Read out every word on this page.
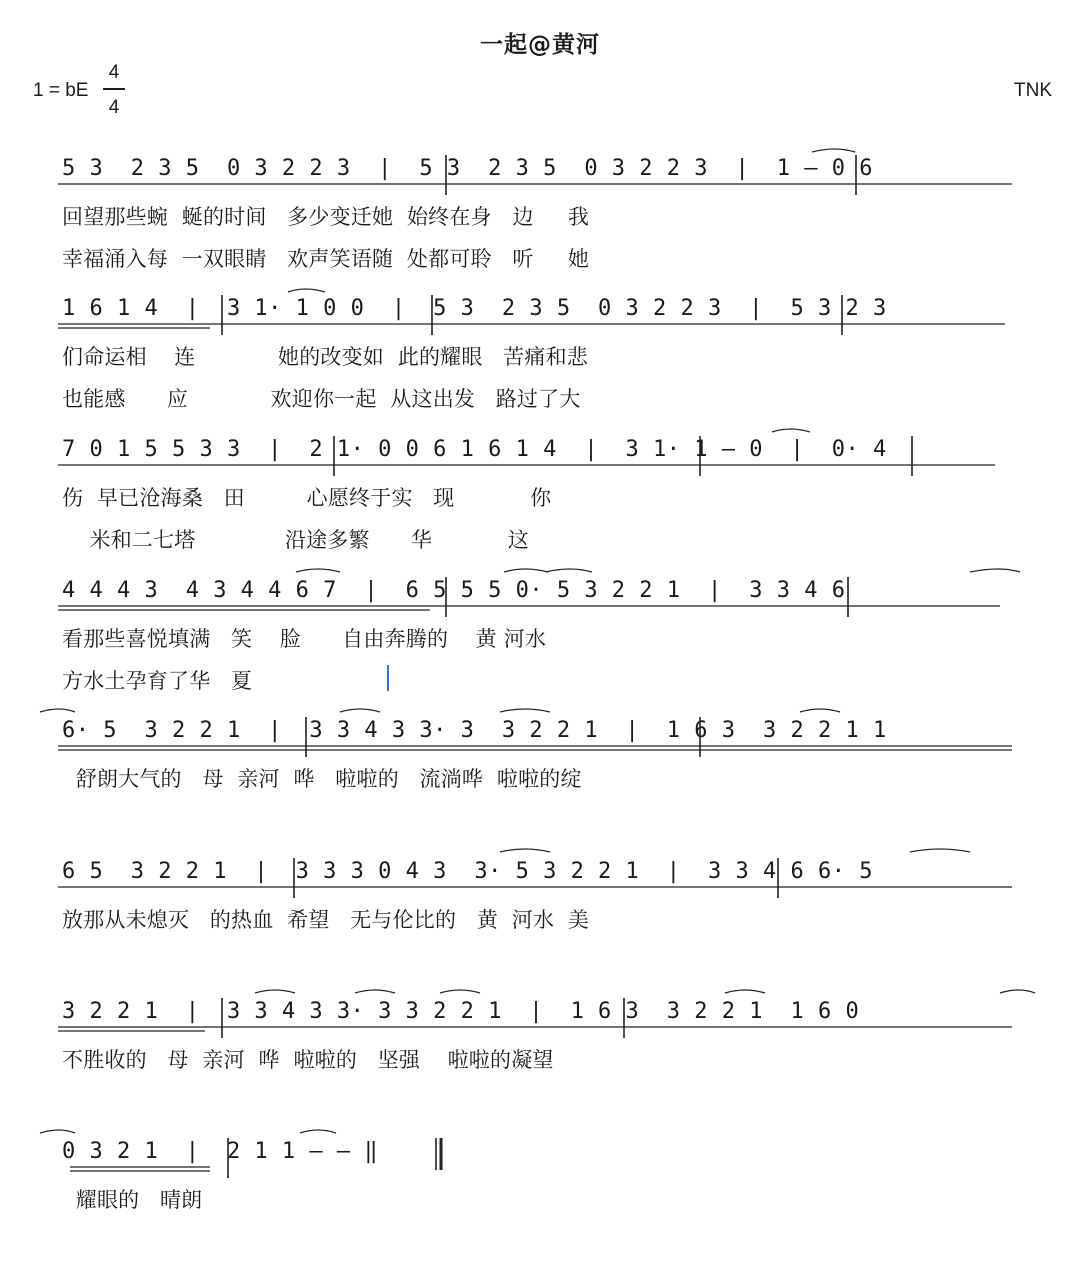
一起@黄河
1 = bE
4
4
TNK
5 3  2 3 5  0 3 2 2 3  |  5 3  2 3 5  0 3 2 2 3  |  1 – 0 6
回望那些蜿  蜒的时间   多少变迁她  始终在身   边     我
幸福涌入每  一双眼睛   欢声笑语随  处都可聆   听     她
1 6 1 4  |  3 1· 1 0 0  |  5 3  2 3 5  0 3 2 2 3  |  5 3 2 3
们命运相    连            她的改变如  此的耀眼   苦痛和悲
也能感      应            欢迎你一起  从这出发   路过了大
7 0 1 5 5 3 3  |  2 1· 0 0 6 1 6 1 4  |  3 1· 1 – 0  |  0· 4
伤  早已沧海桑   田         心愿终于实   现           你
米和二七塔             沿途多繁      华           这
4 4 4 3  4 3 4 4 6 7  |  6 5 5 5 0· 5 3 2 2 1  |  3 3 4 6
看那些喜悦填满   笑    脸      自由奔腾的    黄 河水
方水土孕育了华   夏
6· 5  3 2 2 1  |  3 3 4 3 3· 3  3 2 2 1  |  1 6 3  3 2 2 1 1
舒朗大气的   母  亲河  哗   啦啦的   流淌哗  啦啦的绽
6 5  3 2 2 1  |  3 3 3 0 4 3  3· 5 3 2 2 1  |  3 3 4 6 6· 5
放那从未熄灭   的热血  希望   无与伦比的   黄  河水  美
3 2 2 1  |  3 3 4 3 3· 3 3 2 2 1  |  1 6 3  3 2 2 1  1 6 0
不胜收的   母  亲河  哗  啦啦的   坚强    啦啦的凝望
0 3 2 1  |  2 1 1 – – ‖
耀眼的   晴朗
